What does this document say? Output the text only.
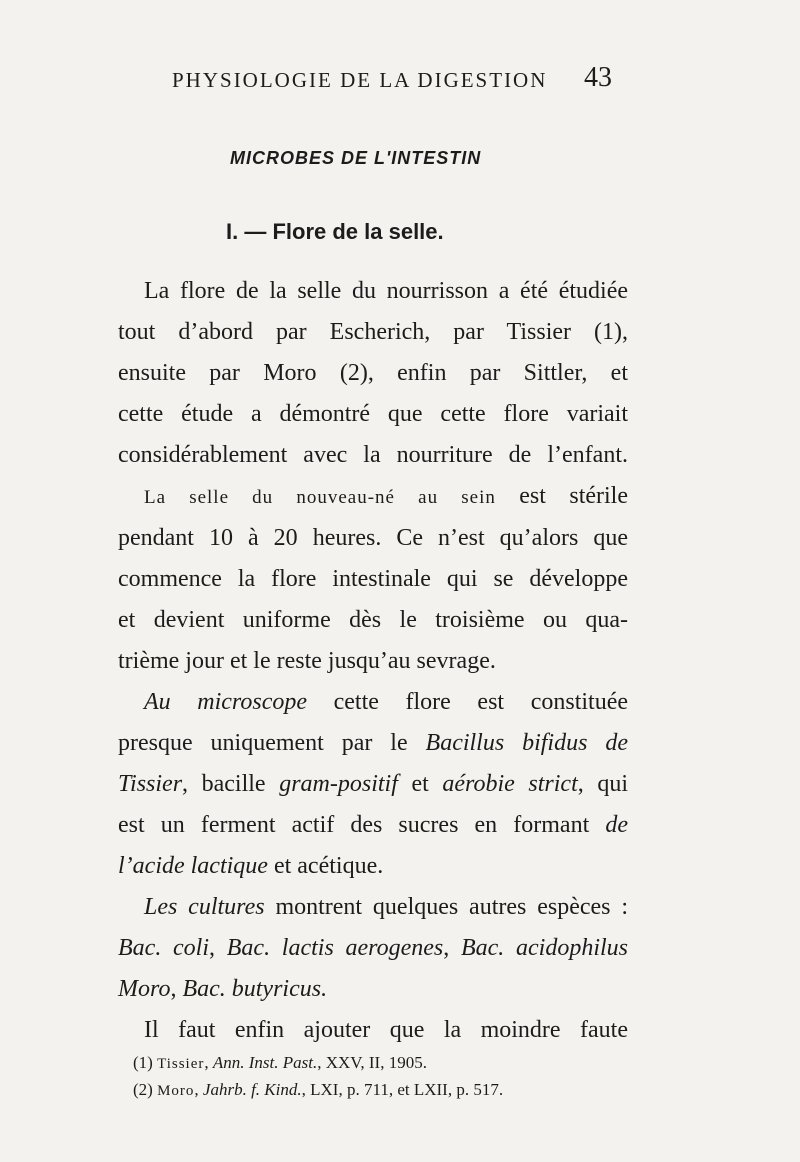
PHYSIOLOGIE DE LA DIGESTION 43
MICROBES DE L'INTESTIN
I. — Flore de la selle.
La flore de la selle du nourrisson a été étudiée
tout d’abord par Escherich, par Tissier (1),
ensuite par Moro (2), enfin par Sittler, et
cette étude a démontré que cette flore variait
considérablement avec la nourriture de l’enfant.
La selle du nouveau-né au sein est stérile
pendant 10 à 20 heures. Ce n’est qu’alors que
commence la flore intestinale qui se développe
et devient uniforme dès le troisième ou qua-
trième jour et le reste jusqu’au sevrage.
Au microscope cette flore est constituée
presque uniquement par le Bacillus bifidus de
Tissier, bacille gram-positif et aérobie strict, qui
est un ferment actif des sucres en formant de
l’acide lactique et acétique.
Les cultures montrent quelques autres espèces :
Bac. coli, Bac. lactis aerogenes, Bac. acidophilus
Moro, Bac. butyricus.
Il faut enfin ajouter que la moindre faute
(1) Tissier, Ann. Inst. Past., XXV, II, 1905.
(2) Moro, Jahrb. f. Kind., LXI, p. 711, et LXII, p. 517.
